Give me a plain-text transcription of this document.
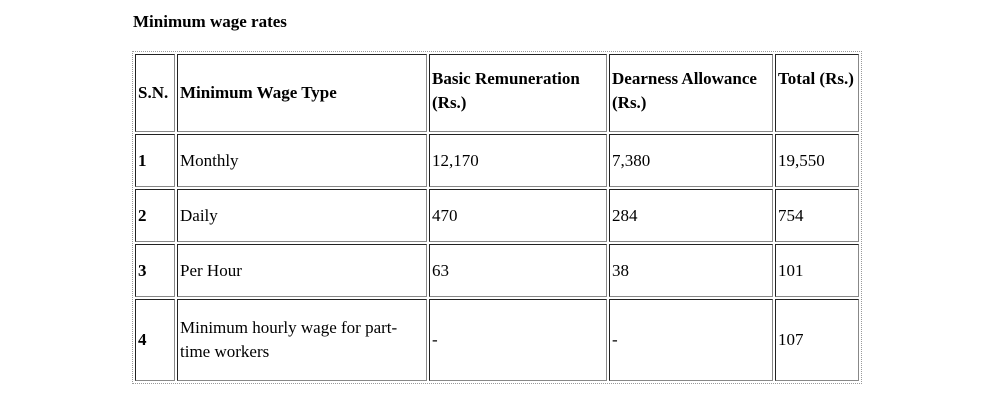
Minimum wage rates
S.N.	Minimum Wage Type	Basic Remuneration (Rs.)	Dearness Allowance (Rs.)	Total (Rs.)
1	Monthly	12,170	7,380	19,550
2	Daily	470	284	754
3	Per Hour	63	38	101
4	Minimum hourly wage for part-time workers	-	-	107
